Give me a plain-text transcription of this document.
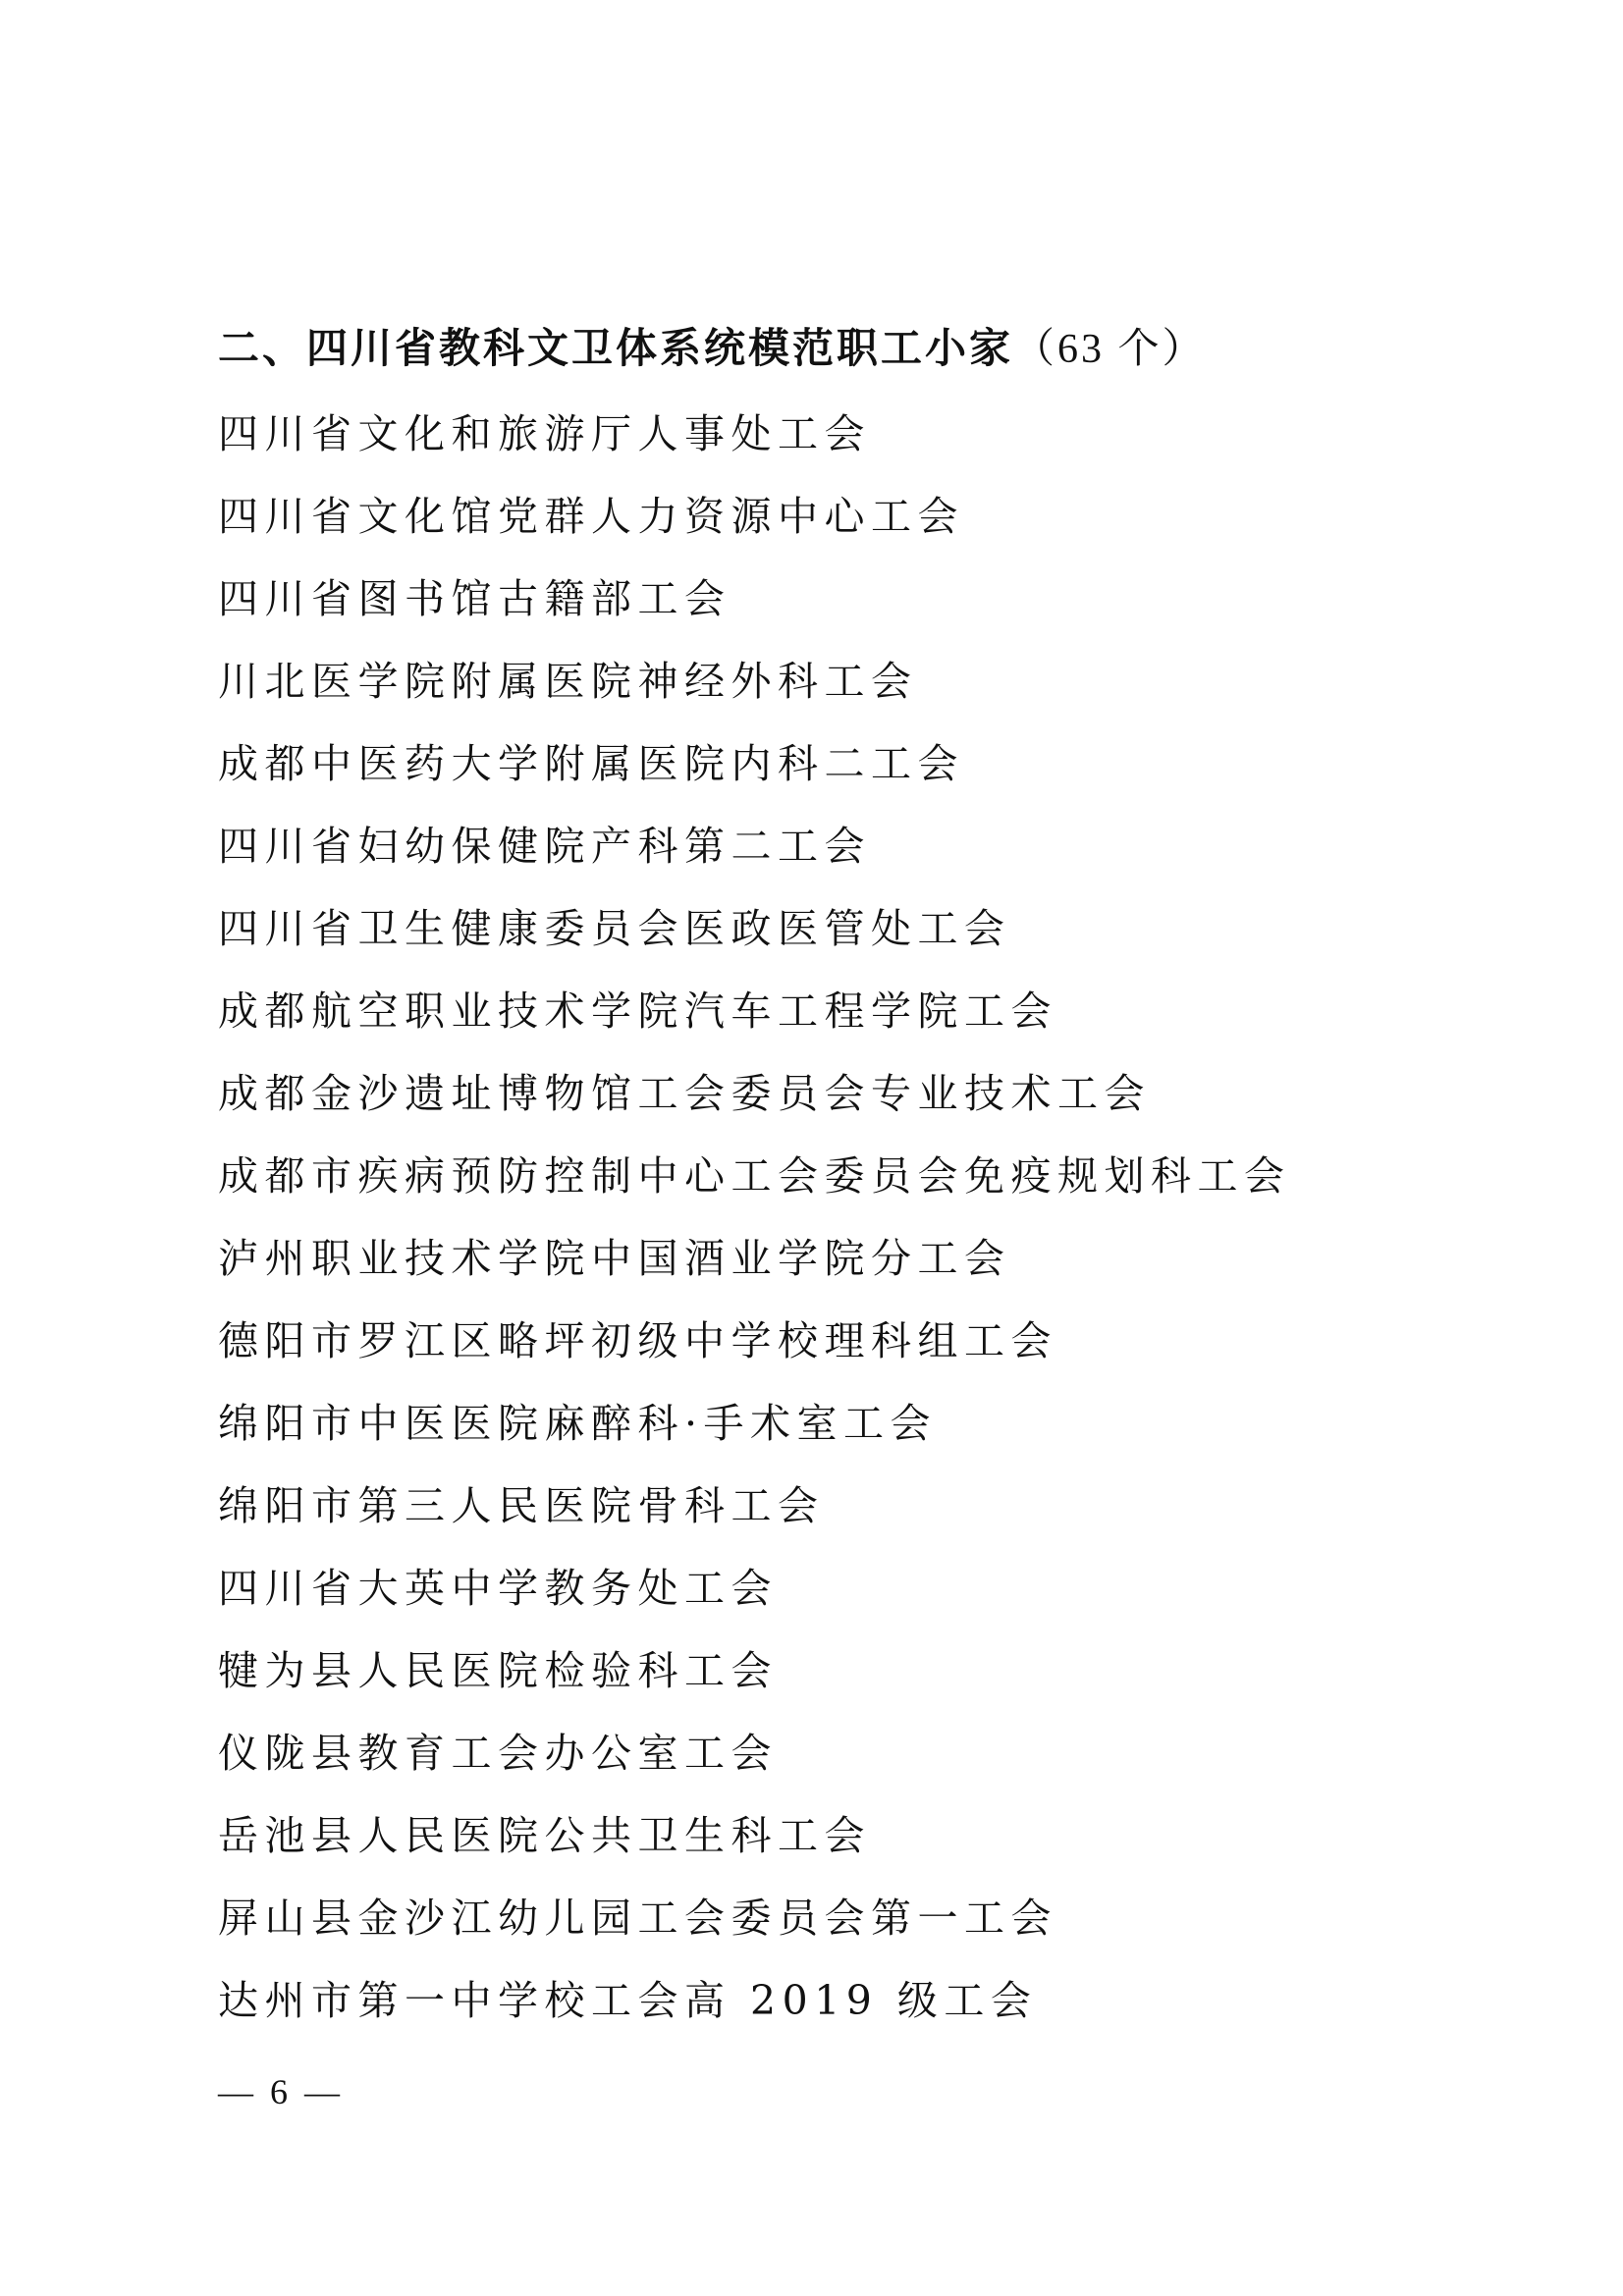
二、四川省教科文卫体系统模范职工小家（63 个）
四川省文化和旅游厅人事处工会
四川省文化馆党群人力资源中心工会
四川省图书馆古籍部工会
川北医学院附属医院神经外科工会
成都中医药大学附属医院内科二工会
四川省妇幼保健院产科第二工会
四川省卫生健康委员会医政医管处工会
成都航空职业技术学院汽车工程学院工会
成都金沙遗址博物馆工会委员会专业技术工会
成都市疾病预防控制中心工会委员会免疫规划科工会
泸州职业技术学院中国酒业学院分工会
德阳市罗江区略坪初级中学校理科组工会
绵阳市中医医院麻醉科·手术室工会
绵阳市第三人民医院骨科工会
四川省大英中学教务处工会
犍为县人民医院检验科工会
仪陇县教育工会办公室工会
岳池县人民医院公共卫生科工会
屏山县金沙江幼儿园工会委员会第一工会
达州市第一中学校工会高 2019 级工会
— 6 —
